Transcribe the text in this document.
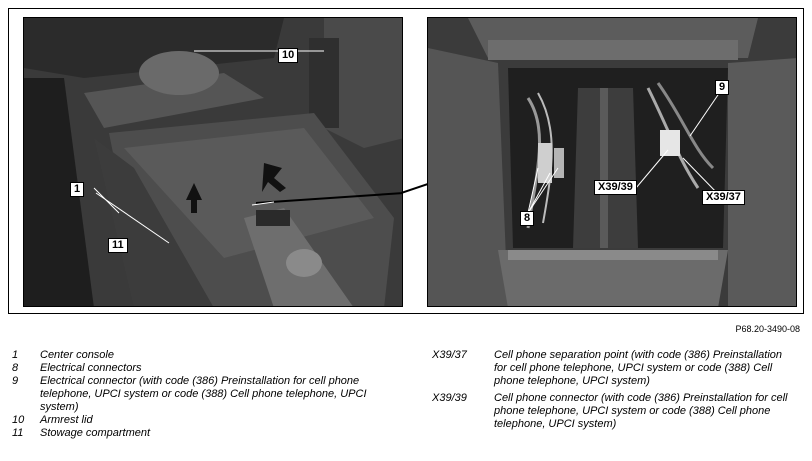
10
1
11
9
X39/39
X39/37
8
P68.20-3490-08
1 Center console
8 Electrical connectors
9 Electrical connector (with code (386) Preinstallation for cell phone telephone, UPCI system or code (388) Cell phone telephone, UPCI system)
10 Armrest lid
11 Stowage compartment
X39/37 Cell phone separation point (with code (386) Preinstallation for cell phone telephone, UPCI system or code (388) Cell phone telephone, UPCI system)
X39/39 Cell phone connector (with code (386) Preinstallation for cell phone telephone, UPCI system or code (388) Cell phone telephone, UPCI system)
